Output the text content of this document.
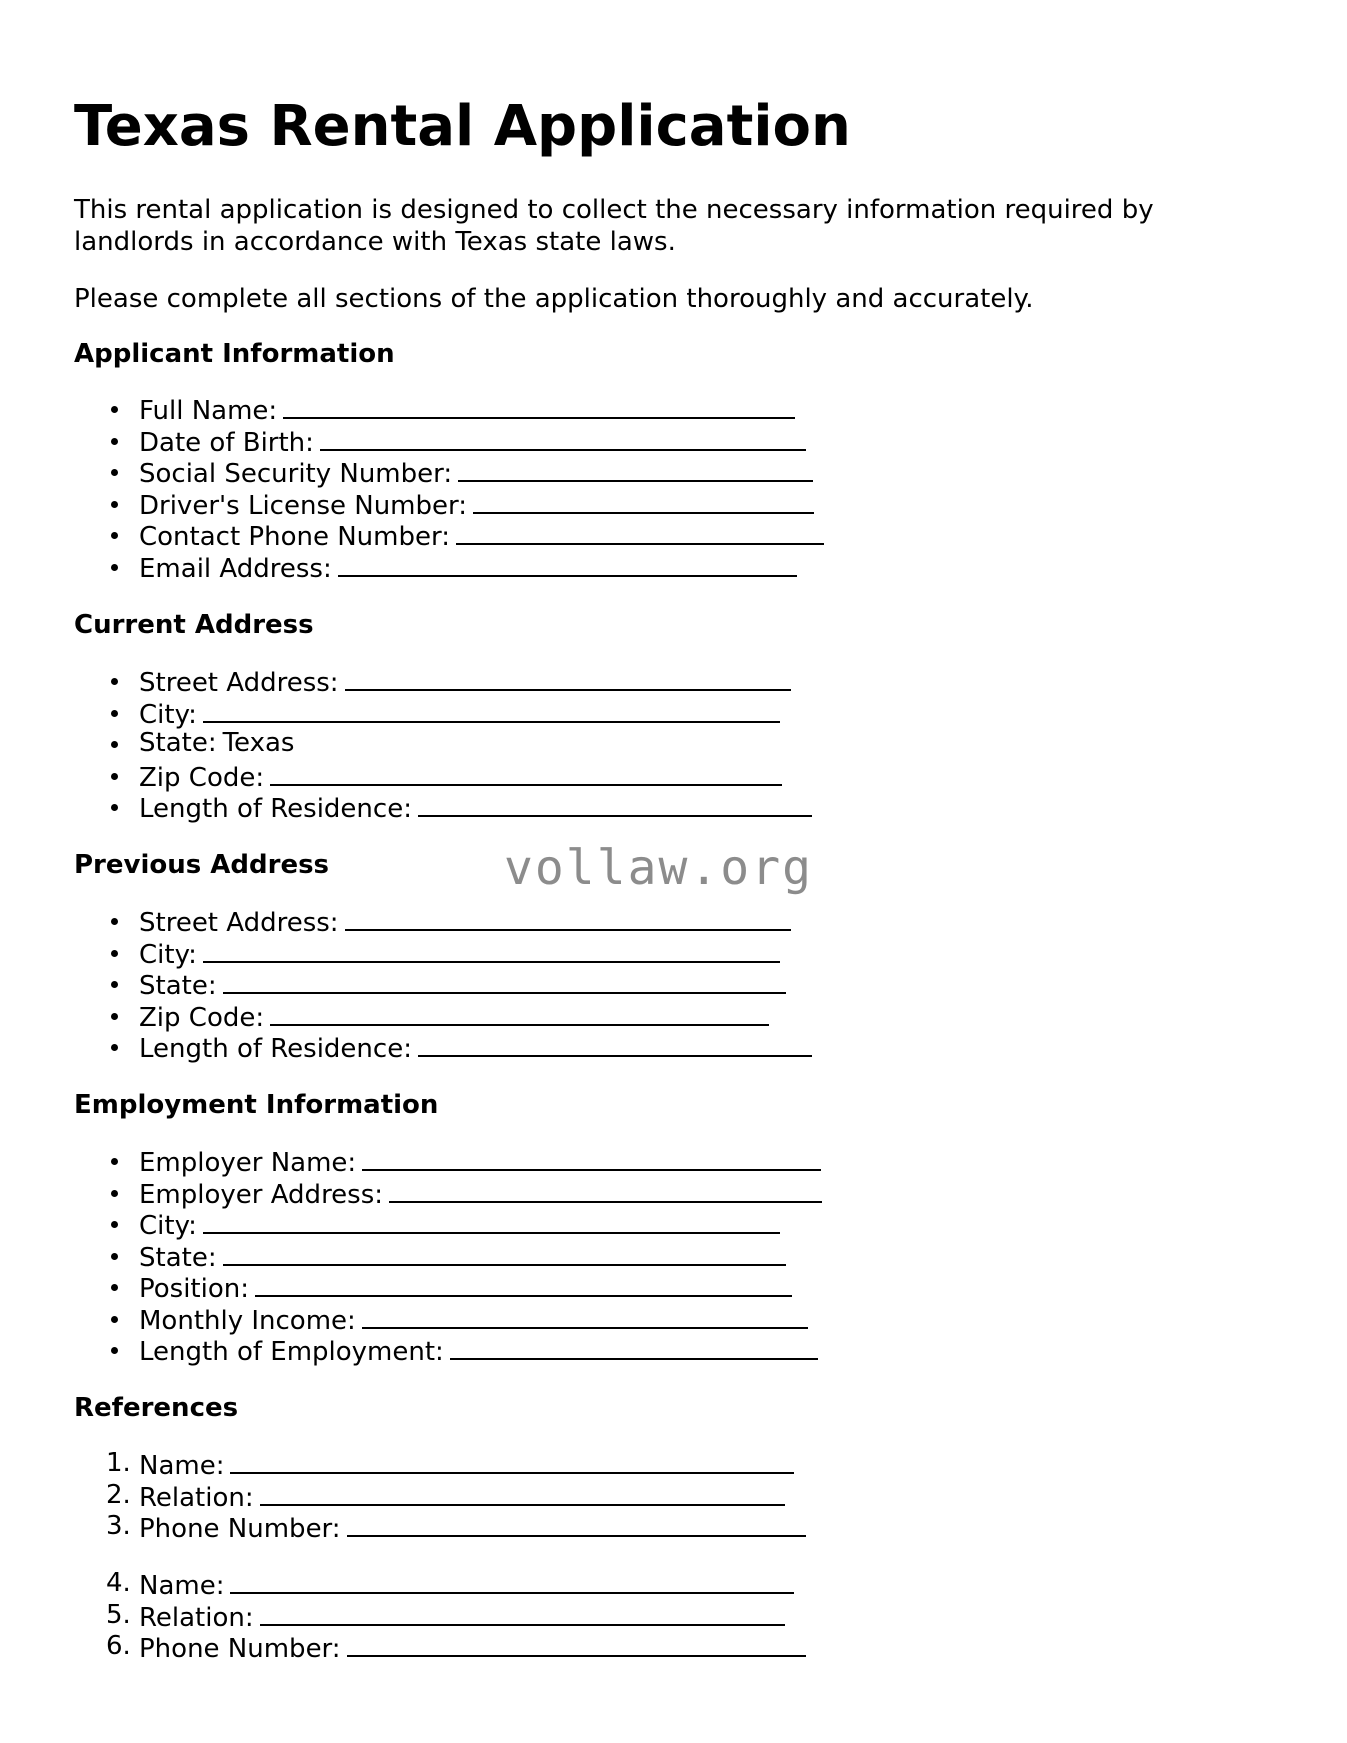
Texas Rental Application

This rental application is designed to collect the necessary information required by landlords in accordance with Texas state laws.

Please complete all sections of the application thoroughly and accurately.

Applicant Information
Full Name:
Date of Birth:
Social Security Number:
Driver's License Number:
Contact Phone Number:
Email Address:
Current Address
Street Address:
City:
State: Texas
Zip Code:
Length of Residence:
Previous Address
Street Address:
City:
State:
Zip Code:
Length of Residence:
Employment Information
Employer Name:
Employer Address:
City:
State:
Position:
Monthly Income:
Length of Employment:
References
1. Name:
2. Relation:
3. Phone Number:
4. Name:
5. Relation:
6. Phone Number:
vollaw.org
